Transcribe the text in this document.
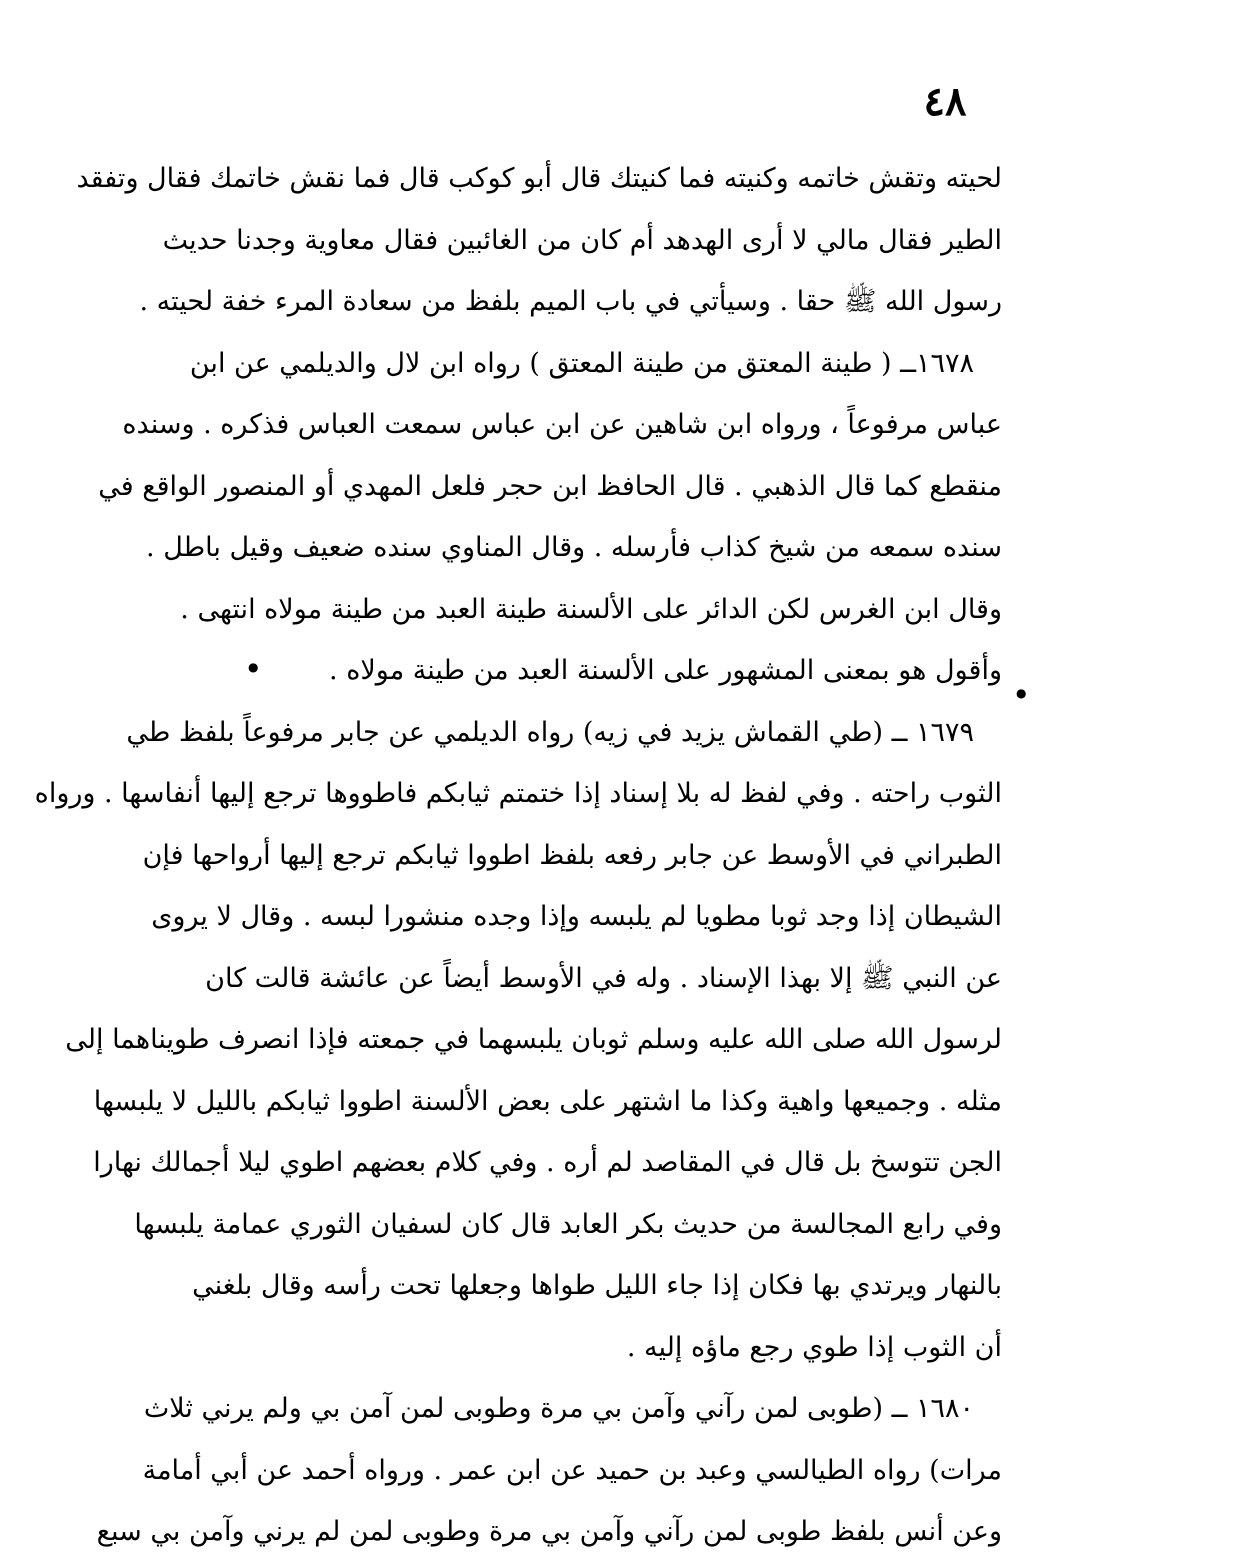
٤٨
لحيته وتقش خاتمه وكنيته فما كنيتك قال أبو كوكب قال فما نقش خاتمك فقال وتفقد
الطير فقال مالي لا أرى الهدهد أم كان من الغائبين فقال معاوية وجدنا حديث
رسول الله ﷺ حقا . وسيأتي في باب الميم بلفظ من سعادة المرء خفة لحيته .
١٦٧٨ــ ( طينة المعتق من طينة المعتق ) رواه ابن لال والديلمي عن ابن
عباس مرفوعاً ، ورواه ابن شاهين عن ابن عباس سمعت العباس فذكره . وسنده
منقطع كما قال الذهبي . قال الحافظ ابن حجر فلعل المهدي أو المنصور الواقع في
سنده سمعه من شيخ كذاب فأرسله . وقال المناوي سنده ضعيف وقيل باطل .
وقال ابن الغرس لكن الدائر على الألسنة طينة العبد من طينة مولاه انتهى .
وأقول هو بمعنى المشهور على الألسنة العبد من طينة مولاه .
١٦٧٩ ــ (طي القماش يزيد في زيه) رواه الديلمي عن جابر مرفوعاً بلفظ طي
الثوب راحته . وفي لفظ له بلا إسناد إذا ختمتم ثيابكم فاطووها ترجع إليها أنفاسها . ورواه
الطبراني في الأوسط عن جابر رفعه بلفظ اطووا ثيابكم ترجع إليها أرواحها فإن
الشيطان إذا وجد ثوبا مطويا لم يلبسه وإذا وجده منشورا لبسه . وقال لا يروى
عن النبي ﷺ إلا بهذا الإسناد . وله في الأوسط أيضاً عن عائشة قالت كان
لرسول الله صلى الله عليه وسلم ثوبان يلبسهما في جمعته فإذا انصرف طويناهما إلى
مثله . وجميعها واهية وكذا ما اشتهر على بعض الألسنة اطووا ثيابكم بالليل لا يلبسها
الجن تتوسخ بل قال في المقاصد لم أره . وفي كلام بعضهم اطوي ليلا أجمالك نهارا
وفي رابع المجالسة من حديث بكر العابد قال كان لسفيان الثوري عمامة يلبسها
بالنهار ويرتدي بها فكان إذا جاء الليل طواها وجعلها تحت رأسه وقال بلغني
أن الثوب إذا طوي رجع ماؤه إليه .
١٦٨٠ ــ (طوبى لمن رآني وآمن بي مرة وطوبى لمن آمن بي ولم يرني ثلاث
مرات) رواه الطيالسي وعبد بن حميد عن ابن عمر . ورواه أحمد عن أبي أمامة
وعن أنس بلفظ طوبى لمن رآني وآمن بي مرة وطوبى لمن لم يرني وآمن بي سبع
●
●
